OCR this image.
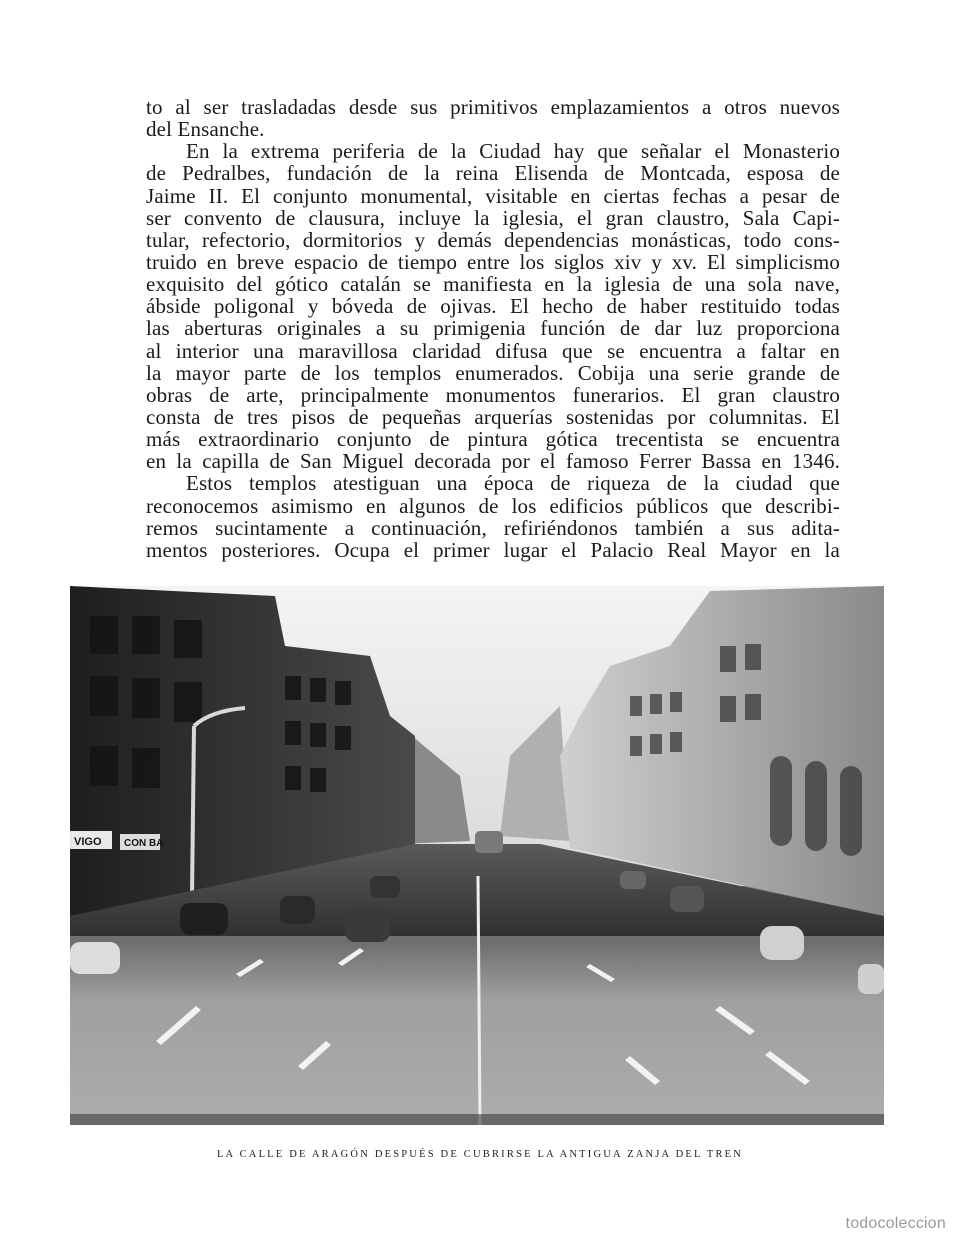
to al ser trasladadas desde sus primitivos emplazamientos a otros nuevos
del Ensanche.
En la extrema periferia de la Ciudad hay que señalar el Monasterio
de Pedralbes, fundación de la reina Elisenda de Montcada, esposa de
Jaime II. El conjunto monumental, visitable en ciertas fechas a pesar de
ser convento de clausura, incluye la iglesia, el gran claustro, Sala Capi-
tular, refectorio, dormitorios y demás dependencias monásticas, todo cons-
truido en breve espacio de tiempo entre los siglos xiv y xv. El simplicismo
exquisito del gótico catalán se manifiesta en la iglesia de una sola nave,
ábside poligonal y bóveda de ojivas. El hecho de haber restituido todas
las aberturas originales a su primigenia función de dar luz proporciona
al interior una maravillosa claridad difusa que se encuentra a faltar en
la mayor parte de los templos enumerados. Cobija una serie grande de
obras de arte, principalmente monumentos funerarios. El gran claustro
consta de tres pisos de pequeñas arquerías sostenidas por columnitas. El
más extraordinario conjunto de pintura gótica trecentista se encuentra
en la capilla de San Miguel decorada por el famoso Ferrer Bassa en 1346.
Estos templos atestiguan una época de riqueza de la ciudad que
reconocemos asimismo en algunos de los edificios públicos que describi-
remos sucintamente a continuación, refiriéndonos también a sus adita-
mentos posteriores. Ocupa el primer lugar el Palacio Real Mayor en la
VIGO CON BA
LA CALLE DE ARAGÓN DESPUÉS DE CUBRIRSE LA ANTIGUA ZANJA DEL TREN
todocoleccion
